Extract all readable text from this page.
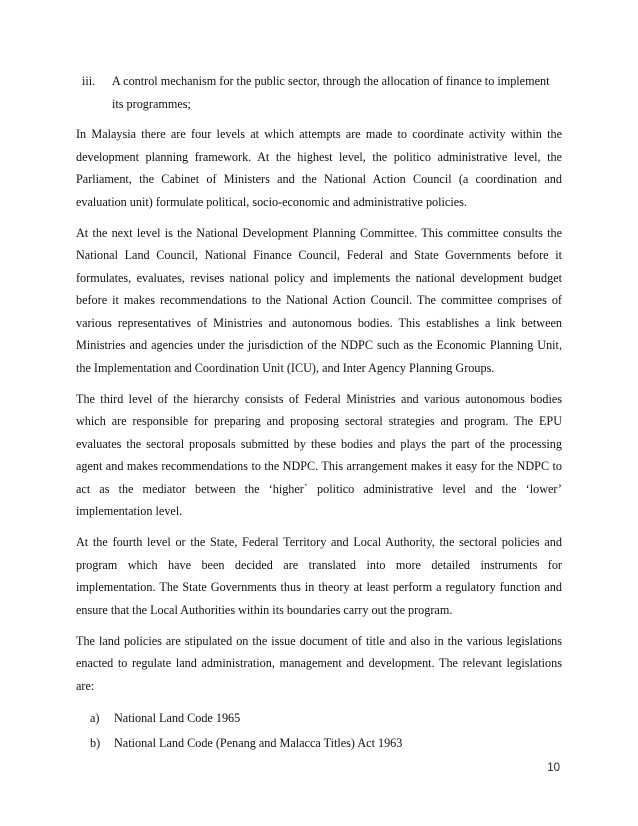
iii.	A control mechanism for the public sector, through the allocation of finance to implement its programmes;

In Malaysia there are four levels at which attempts are made to coordinate activity within the development planning framework. At the highest level, the politico administrative level, the Parliament, the Cabinet of Ministers and the National Action Council (a coordination and evaluation unit) formulate political, socio-economic and administrative policies.

At the next level is the National Development Planning Committee. This committee consults the National Land Council, National Finance Council, Federal and State Governments before it formulates, evaluates, revises national policy and implements the national development budget before it makes recommendations to the National Action Council. The committee comprises of various representatives of Ministries and autonomous bodies. This establishes a link between Ministries and agencies under the jurisdiction of the NDPC such as the Economic Planning Unit, the Implementation and Coordination Unit (ICU), and Inter Agency Planning Groups.

The third level of the hierarchy consists of Federal Ministries and various autonomous bodies which are responsible for preparing and proposing sectoral strategies and program. The EPU evaluates the sectoral proposals submitted by these bodies and plays the part of the processing agent and makes recommendations to the NDPC. This arrangement makes it easy for the NDPC to act as the mediator between the ‘higher` politico administrative level and the ‘lower’ implementation level.

At the fourth level or the State, Federal Territory and Local Authority, the sectoral policies and program which have been decided are translated into more detailed instruments for implementation. The State Governments thus in theory at least perform a regulatory function and ensure that the Local Authorities within its boundaries carry out the program.

The land policies are stipulated on the issue document of title and also in the various legislations enacted to regulate land administration, management and development. The relevant legislations are:

a)	National Land Code 1965
b)	National Land Code (Penang and Malacca Titles) Act 1963
10
